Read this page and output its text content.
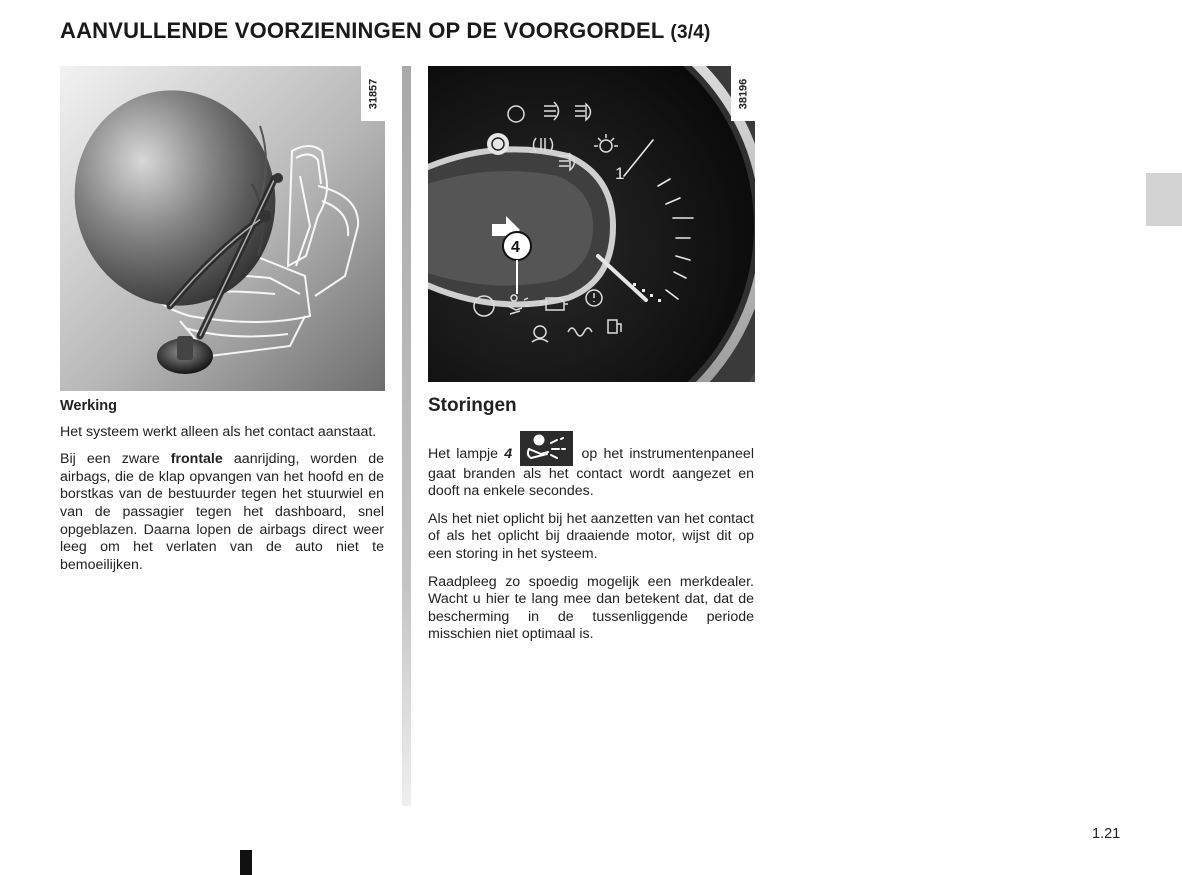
AANVULLENDE VOORZIENINGEN OP DE VOORGORDEL (3/4)
31857
1
4
38196
Werking

Het systeem werkt alleen als het contact aanstaat.

Bij een zware frontale aanrijding, worden de airbags, die de klap opvangen van het hoofd en de borstkas van de bestuurder tegen het stuurwiel en van de passagier tegen het dashboard, snel opgeblazen. Daarna lopen de airbags direct weer leeg om het verlaten van de auto niet te bemoeilijken.

Storingen

Het lampje 4	op het instrumentenpaneel gaat branden als het contact wordt aangezet en dooft na enkele secondes.

Als het niet oplicht bij het aanzetten van het contact of als het oplicht bij draaiende motor, wijst dit op een storing in het systeem.

Raadpleeg zo spoedig mogelijk een merkdealer. Wacht u hier te lang mee dan betekent dat, dat de bescherming in de tussenliggende periode misschien niet optimaal is.

1.21
